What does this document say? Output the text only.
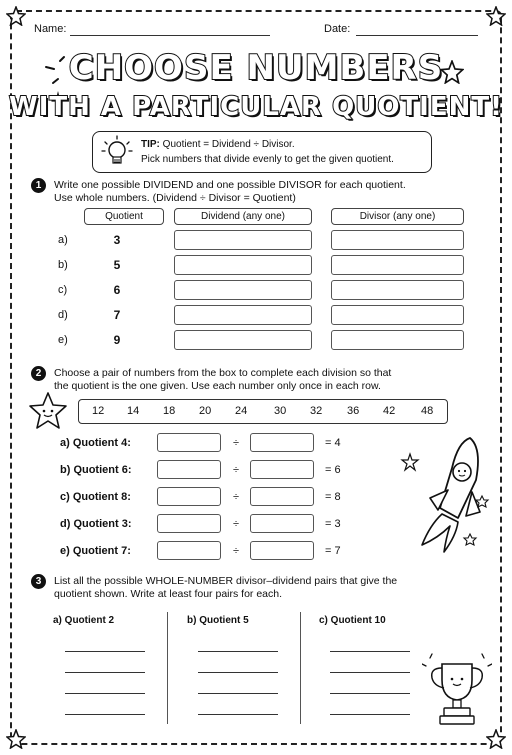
Name:	Date:
CHOOSE NUMBERS
WITH A PARTICULAR QUOTIENT!
TIP: Quotient = Dividend ÷ Divisor.
Pick numbers that divide evenly to get the given quotient.
1	Write one possible DIVIDEND and one possible DIVISOR for each quotient.
Use whole numbers. (Dividend ÷ Divisor = Quotient)
Quotient	Dividend (any one)	Divisor (any one)
a)	3
b)	5
c)	6
d)	7
e)	9
2	Choose a pair of numbers from the box to complete each division so that
the quotient is the one given. Use each number only once in each row.
12 14 18 20 24 30 32 36 42 48
a) Quotient 4:	÷	= 4
b) Quotient 6:	÷	= 6
c) Quotient 8:	÷	= 8
d) Quotient 3:	÷	= 3
e) Quotient 7:	÷	= 7
3	List all the possible WHOLE-NUMBER divisor–dividend pairs that give the
quotient shown. Write at least four pairs for each.
a) Quotient 2	b) Quotient 5	c) Quotient 10
